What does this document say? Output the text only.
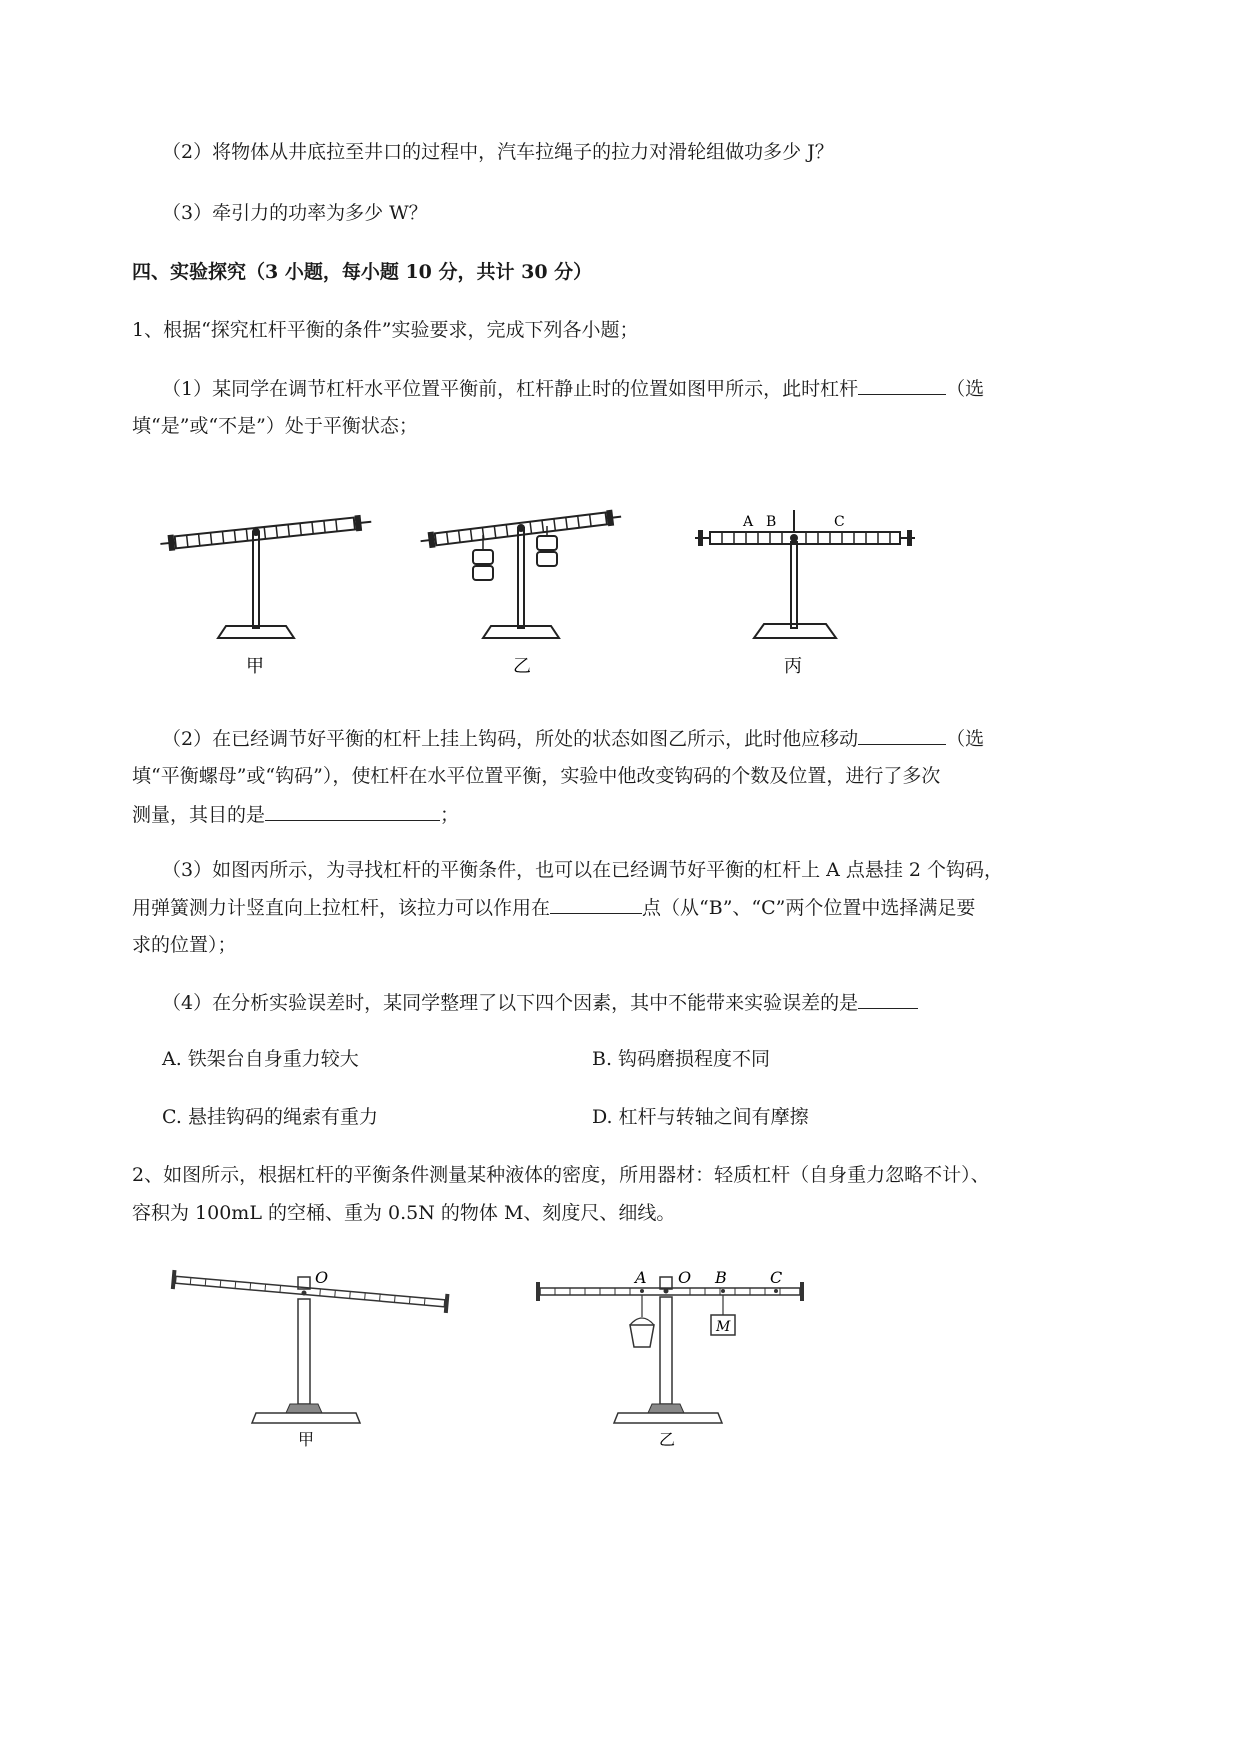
（2）将物体从井底拉至井口的过程中，汽车拉绳子的拉力对滑轮组做功多少 J？
（3）牵引力的功率为多少 W？
四、实验探究（3 小题，每小题 10 分，共计 30 分）
1、根据“探究杠杆平衡的条件”实验要求，完成下列各小题；
（1）某同学在调节杠杆水平位置平衡前，杠杆静止时的位置如图甲所示，此时杠杆	（选
填“是”或“不是”）处于平衡状态；
甲	乙
A B	C
丙
（2）在已经调节好平衡的杠杆上挂上钩码，所处的状态如图乙所示，此时他应移动	（选
填“平衡螺母”或“钩码”），使杠杆在水平位置平衡，实验中他改变钩码的个数及位置，进行了多次
测量，其目的是	；
（3）如图丙所示，为寻找杠杆的平衡条件，也可以在已经调节好平衡的杠杆上 A 点悬挂 2 个钩码，
用弹簧测力计竖直向上拉杠杆，该拉力可以作用在	点（从“B”、“C”两个位置中选择满足要
求的位置）；
（4）在分析实验误差时，某同学整理了以下四个因素，其中不能带来实验误差的是
A. 铁架台自身重力较大	B. 钩码磨损程度不同
C. 悬挂钩码的绳索有重力	D. 杠杆与转轴之间有摩擦
2、如图所示，根据杠杆的平衡条件测量某种液体的密度，所用器材：轻质杠杆（自身重力忽略不计）、
容积为 100mL 的空桶、重为 0.5N 的物体 M、刻度尺、细线。
O
甲
A O B	C
M
乙
